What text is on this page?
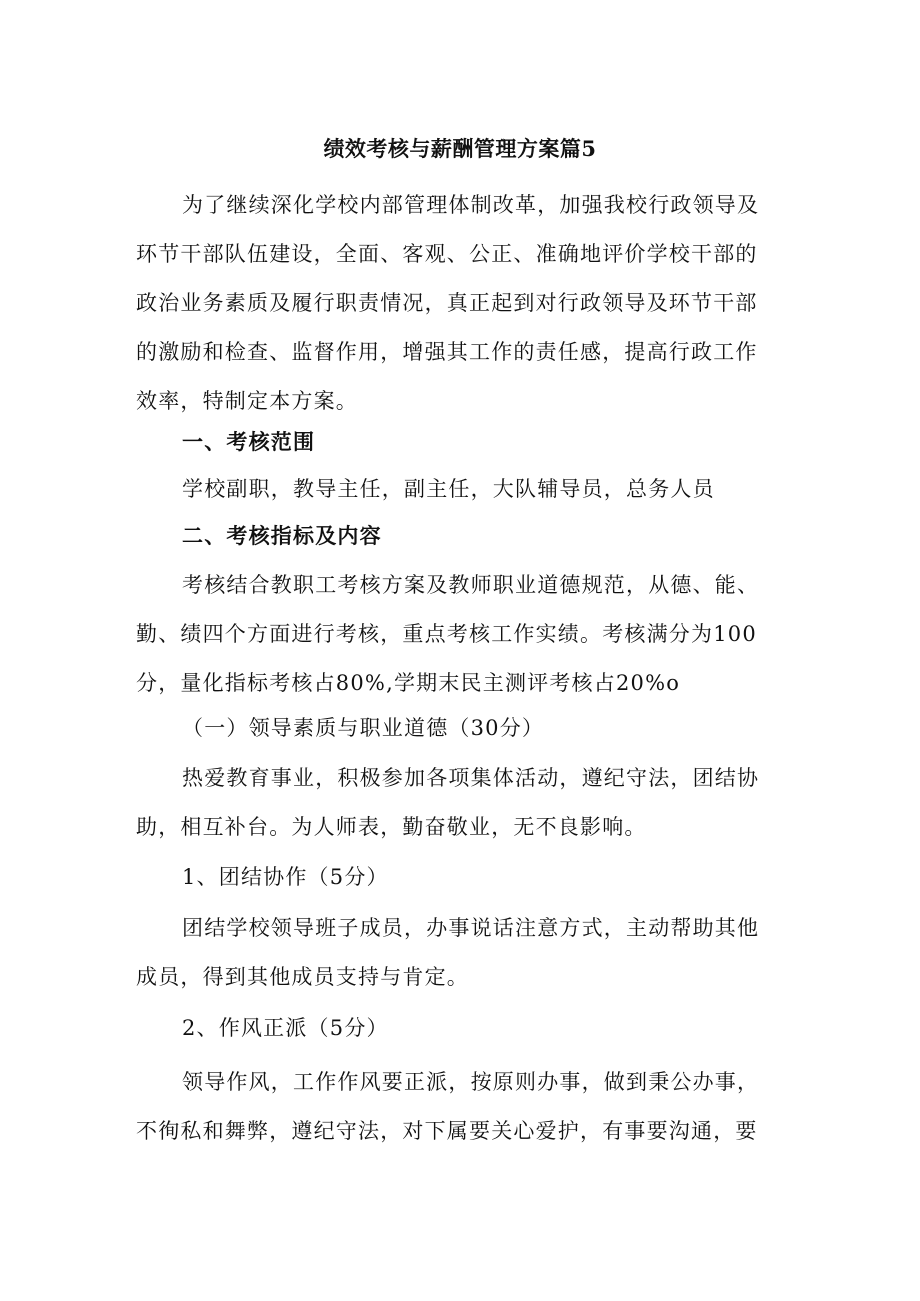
绩效考核与薪酬管理方案篇5
为了继续深化学校内部管理体制改革，加强我校行政领导及
环节干部队伍建设，全面、客观、公正、准确地评价学校干部的
政治业务素质及履行职责情况，真正起到对行政领导及环节干部
的激励和检查、监督作用，增强其工作的责任感，提高行政工作
效率，特制定本方案。
一、考核范围
学校副职，教导主任，副主任，大队辅导员，总务人员
二、考核指标及内容
考核结合教职工考核方案及教师职业道德规范，从德、能、
勤、绩四个方面进行考核，重点考核工作实绩。考核满分为100
分，量化指标考核占80%,学期末民主测评考核占20%o
（一）领导素质与职业道德（30分）
热爱教育事业，积极参加各项集体活动，遵纪守法，团结协
助，相互补台。为人师表，勤奋敬业，无不良影响。
1、团结协作（5分）
团结学校领导班子成员，办事说话注意方式，主动帮助其他
成员，得到其他成员支持与肯定。
2、作风正派（5分）
领导作风，工作作风要正派，按原则办事，做到秉公办事，
不徇私和舞弊，遵纪守法，对下属要关心爱护，有事要沟通，要
